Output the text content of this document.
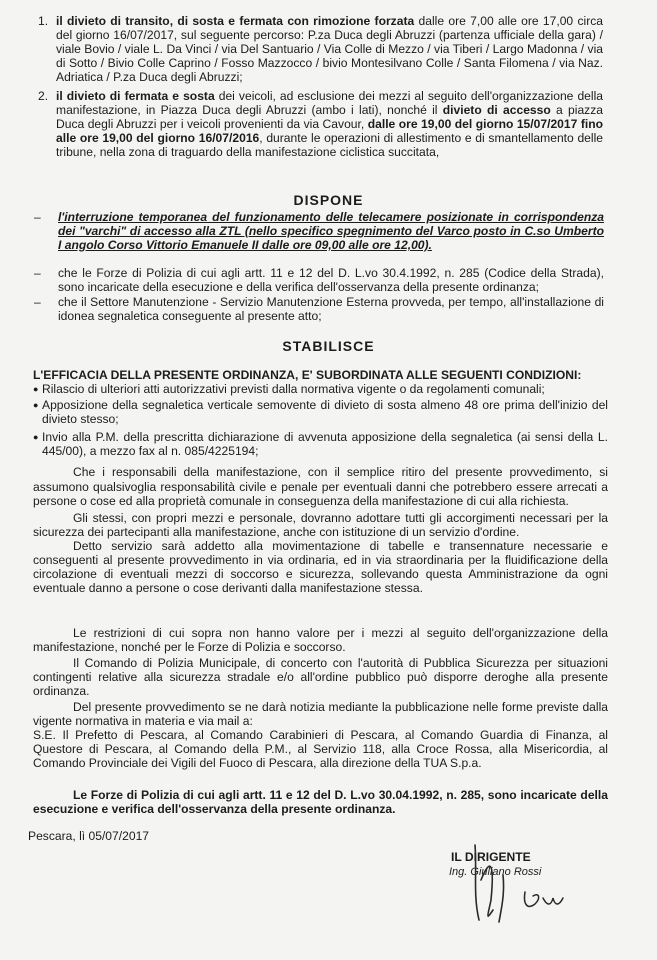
1. il divieto di transito, di sosta e fermata con rimozione forzata dalle ore 7,00 alle ore 17,00 circa del giorno 16/07/2017, sul seguente percorso: P.za Duca degli Abruzzi (partenza ufficiale della gara) / viale Bovio / viale L. Da Vinci / via Del Santuario / Via Colle di Mezzo / via Tiberi / Largo Madonna / via di Sotto / Bivio Colle Caprino / Fosso Mazzocco / bivio Montesilvano Colle / Santa Filomena / via Naz. Adriatica / P.za Duca degli Abruzzi;
2. il divieto di fermata e sosta dei veicoli, ad esclusione dei mezzi al seguito dell'organizzazione della manifestazione, in Piazza Duca degli Abruzzi (ambo i lati), nonché il divieto di accesso a piazza Duca degli Abruzzi per i veicoli provenienti da via Cavour, dalle ore 19,00 del giorno 15/07/2017 fino alle ore 19,00 del giorno 16/07/2016, durante le operazioni di allestimento e di smantellamento delle tribune, nella zona di traguardo della manifestazione ciclistica succitata,
DISPONE
– l'interruzione temporanea del funzionamento delle telecamere posizionate in corrispondenza dei "varchi" di accesso alla ZTL (nello specifico spegnimento del Varco posto in C.so Umberto I angolo Corso Vittorio Emanuele II dalle ore 09,00 alle ore 12,00).
– che le Forze di Polizia di cui agli artt. 11 e 12 del D. L.vo 30.4.1992, n. 285 (Codice della Strada), sono incaricate della esecuzione e della verifica dell'osservanza della presente ordinanza;
– che il Settore Manutenzione - Servizio Manutenzione Esterna provveda, per tempo, all'installazione di idonea segnaletica conseguente al presente atto;
STABILISCE
L'EFFICACIA DELLA PRESENTE ORDINANZA, E' SUBORDINATA ALLE SEGUENTI CONDIZIONI:
● Rilascio di ulteriori atti autorizzativi previsti dalla normativa vigente o da regolamenti comunali;
● Apposizione della segnaletica verticale semovente di divieto di sosta almeno 48 ore prima dell'inizio del divieto stesso;
● Invio alla P.M. della prescritta dichiarazione di avvenuta apposizione della segnaletica (ai sensi della L. 445/00), a mezzo fax al n. 085/4225194;

Che i responsabili della manifestazione, con il semplice ritiro del presente provvedimento, si assumono qualsivoglia responsabilità civile e penale per eventuali danni che potrebbero essere arrecati a persone o cose ed alla proprietà comunale in conseguenza della manifestazione di cui alla richiesta.

Gli stessi, con propri mezzi e personale, dovranno adottare tutti gli accorgimenti necessari per la sicurezza dei partecipanti alla manifestazione, anche con istituzione di un servizio d'ordine.

Detto servizio sarà addetto alla movimentazione di tabelle e transennature necessarie e conseguenti al presente provvedimento in via ordinaria, ed in via straordinaria per la fluidificazione della circolazione di eventuali mezzi di soccorso e sicurezza, sollevando questa Amministrazione da ogni eventuale danno a persone o cose derivanti dalla manifestazione stessa.

Le restrizioni di cui sopra non hanno valore per i mezzi al seguito dell'organizzazione della manifestazione, nonché per le Forze di Polizia e soccorso.

Il Comando di Polizia Municipale, di concerto con l'autorità di Pubblica Sicurezza per situazioni contingenti relative alla sicurezza stradale e/o all'ordine pubblico può disporre deroghe alla presente ordinanza.

Del presente provvedimento se ne darà notizia mediante la pubblicazione nelle forme previste dalla vigente normativa in materia e via mail a:

S.E. Il Prefetto di Pescara, al Comando Carabinieri di Pescara, al Comando Guardia di Finanza, al Questore di Pescara, al Comando della P.M., al Servizio 118, alla Croce Rossa, alla Misericordia, al Comando Provinciale dei Vigili del Fuoco di Pescara, alla direzione della TUA S.p.a.

Le Forze di Polizia di cui agli artt. 11 e 12 del D. L.vo 30.04.1992, n. 285, sono incaricate della esecuzione e verifica dell'osservanza della presente ordinanza.

Pescara, lì 05/07/2017
IL DIRIGENTE
Ing. Giuliano Rossi
